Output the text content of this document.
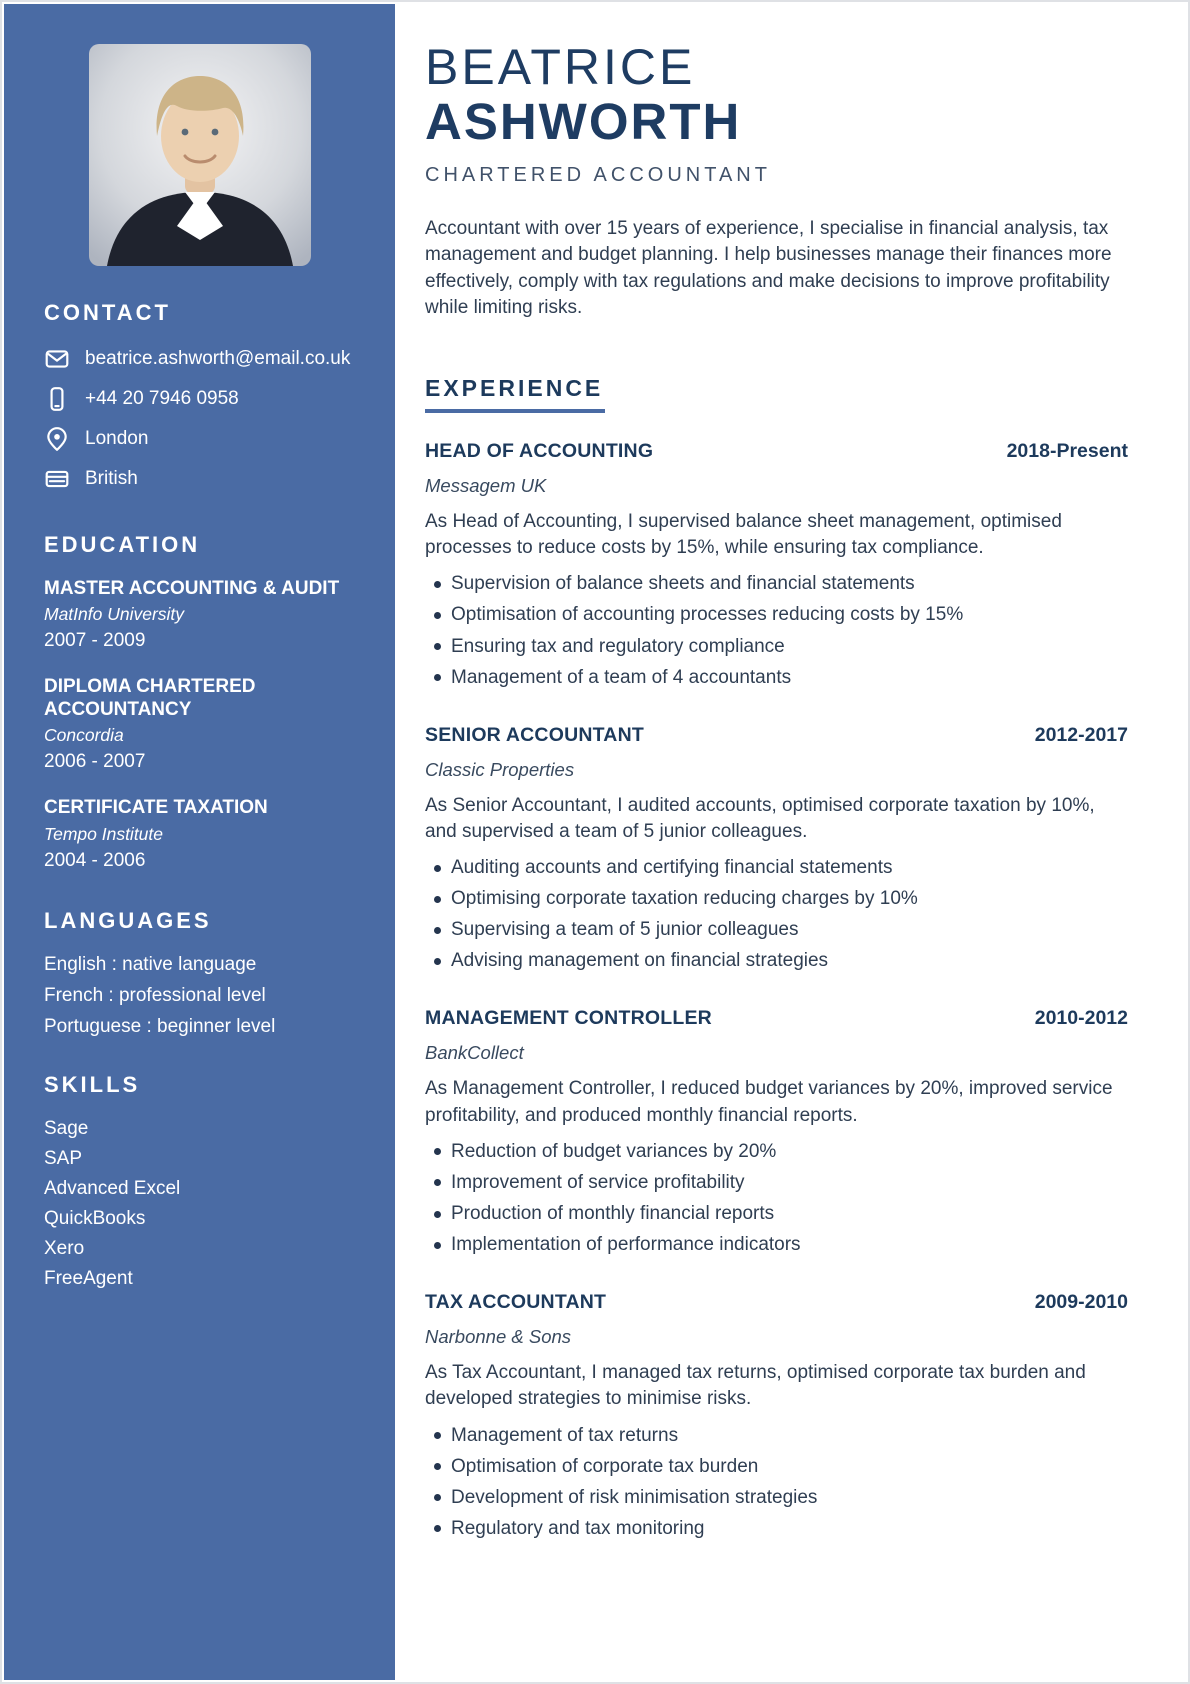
CONTACT
beatrice.ashworth@email.co.uk
+44 20 7946 0958
London
British
EDUCATION
MASTER ACCOUNTING & AUDIT
MatInfo University
2007 - 2009
DIPLOMA CHARTERED ACCOUNTANCY
Concordia
2006 - 2007
CERTIFICATE TAXATION
Tempo Institute
2004 - 2006
LANGUAGES
English : native language
French : professional level
Portuguese : beginner level
SKILLS
Sage
SAP
Advanced Excel
QuickBooks
Xero
FreeAgent
BEATRICE
ASHWORTH
CHARTERED ACCOUNTANT

Accountant with over 15 years of experience, I specialise in financial analysis, tax management and budget planning. I help businesses manage their finances more effectively, comply with tax regulations and make decisions to improve profitability while limiting risks.

EXPERIENCE
HEAD OF ACCOUNTING	2018-Present
Messagem UK
As Head of Accounting, I supervised balance sheet management, optimised processes to reduce costs by 15%, while ensuring tax compliance.
Supervision of balance sheets and financial statements
Optimisation of accounting processes reducing costs by 15%
Ensuring tax and regulatory compliance
Management of a team of 4 accountants
SENIOR ACCOUNTANT	2012-2017
Classic Properties
As Senior Accountant, I audited accounts, optimised corporate taxation by 10%, and supervised a team of 5 junior colleagues.
Auditing accounts and certifying financial statements
Optimising corporate taxation reducing charges by 10%
Supervising a team of 5 junior colleagues
Advising management on financial strategies
MANAGEMENT CONTROLLER	2010-2012
BankCollect
As Management Controller, I reduced budget variances by 20%, improved service profitability, and produced monthly financial reports.
Reduction of budget variances by 20%
Improvement of service profitability
Production of monthly financial reports
Implementation of performance indicators
TAX ACCOUNTANT	2009-2010
Narbonne & Sons
As Tax Accountant, I managed tax returns, optimised corporate tax burden and developed strategies to minimise risks.
Management of tax returns
Optimisation of corporate tax burden
Development of risk minimisation strategies
Regulatory and tax monitoring
